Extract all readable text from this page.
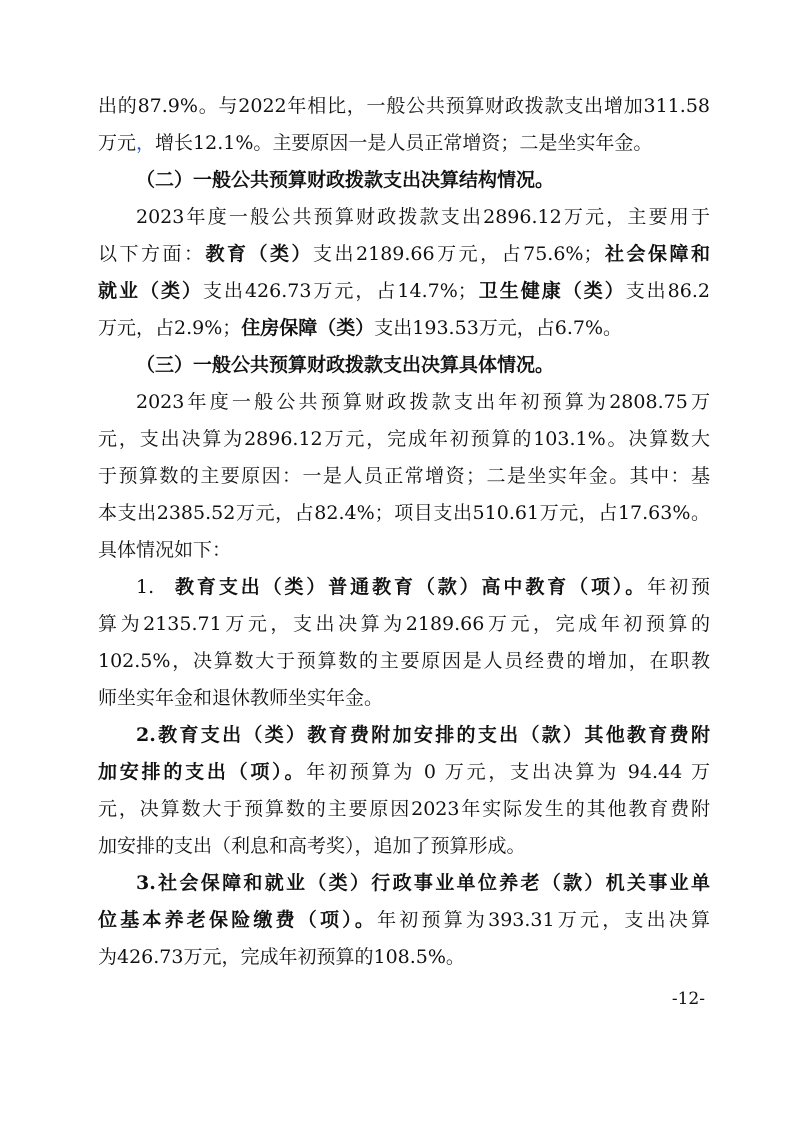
出的87.9%。与2022年相比，一般公共预算财政拨款支出增加311.58
万元，增长12.1%。主要原因一是人员正常增资；二是坐实年金。
（二）一般公共预算财政拨款支出决算结构情况。
2023年度一般公共预算财政拨款支出2896.12万元，主要用于
以下方面：教育（类）支出2189.66万元，占75.6%；社会保障和
就业（类）支出426.73万元，占14.7%；卫生健康（类）支出86.2
万元，占2.9%；住房保障（类）支出193.53万元，占6.7%。
（三）一般公共预算财政拨款支出决算具体情况。
2023年度一般公共预算财政拨款支出年初预算为2808.75万
元，支出决算为2896.12万元，完成年初预算的103.1%。决算数大
于预算数的主要原因：一是人员正常增资；二是坐实年金。其中：基
本支出2385.52万元，占82.4%；项目支出510.61万元，占17.63%。
具体情况如下：
1. 教育支出（类）普通教育（款）高中教育（项）。年初预
算为2135.71万元，支出决算为2189.66万元，完成年初预算的
102.5%，决算数大于预算数的主要原因是人员经费的增加，在职教
师坐实年金和退休教师坐实年金。
2.教育支出（类）教育费附加安排的支出（款）其他教育费附
加安排的支出（项）。年初预算为 0 万元，支出决算为 94.44 万
元，决算数大于预算数的主要原因2023年实际发生的其他教育费附
加安排的支出（利息和高考奖），追加了预算形成。
3.社会保障和就业（类）行政事业单位养老（款）机关事业单
位基本养老保险缴费（项）。年初预算为393.31万元，支出决算
为426.73万元，完成年初预算的108.5%。
-12-
